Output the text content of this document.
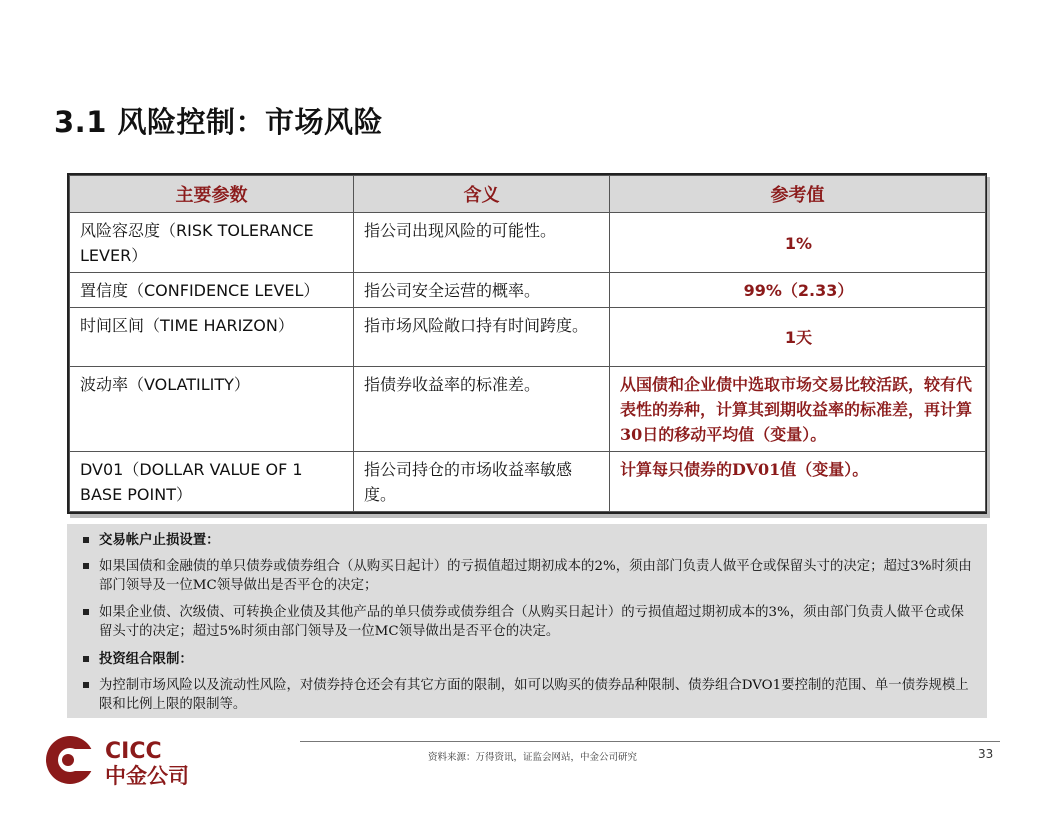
3.1 风险控制：市场风险
主要参数	含义	参考值
风险容忍度（RISK TOLERANCE LEVER）	指公司出现风险的可能性。	1%
置信度（CONFIDENCE LEVEL）	指公司安全运营的概率。	99%（2.33）
时间区间（TIME HARIZON）	指市场风险敞口持有时间跨度。	1天
波动率（VOLATILITY）	指债券收益率的标准差。	从国债和企业债中选取市场交易比较活跃，较有代表性的券种，计算其到期收益率的标准差，再计算30日的移动平均值（变量）。
DV01（DOLLAR VALUE OF 1 BASE POINT）	指公司持仓的市场收益率敏感度。	计算每只债券的DV01值（变量）。
交易帐户止损设置：
如果国债和金融债的单只债券或债券组合（从购买日起计）的亏损值超过期初成本的2%，须由部门负责人做平仓或保留头寸的决定；超过3%时须由部门领导及一位MC领导做出是否平仓的决定；
如果企业债、次级债、可转换企业债及其他产品的单只债券或债券组合（从购买日起计）的亏损值超过期初成本的3%，须由部门负责人做平仓或保留头寸的决定；超过5%时须由部门领导及一位MC领导做出是否平仓的决定。
投资组合限制：
为控制市场风险以及流动性风险，对债券持仓还会有其它方面的限制，如可以购买的债券品种限制、债券组合DVO1要控制的范围、单一债券规模上限和比例上限的限制等。
CICC
中金公司
资料来源：万得资讯，证监会网站，中金公司研究	33
